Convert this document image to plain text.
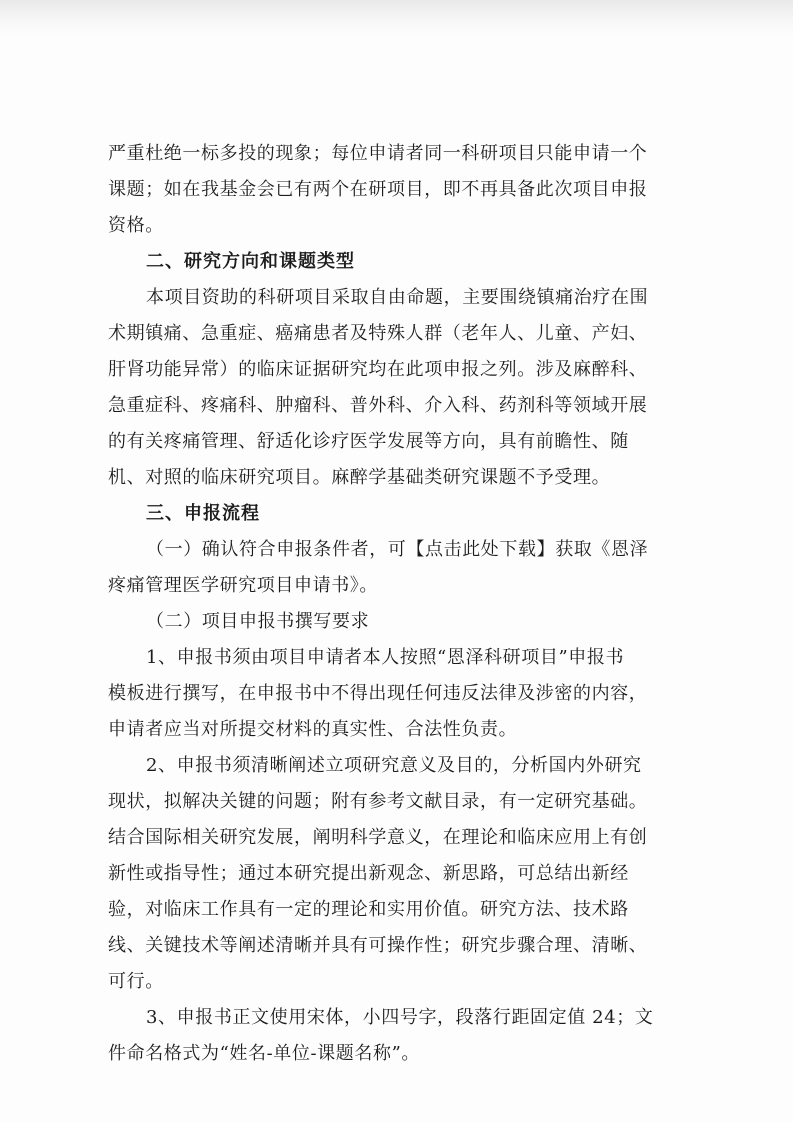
严重杜绝一标多投的现象；每位申请者同一科研项目只能申请一个
课题；如在我基金会已有两个在研项目，即不再具备此次项目申报
资格。
二、研究方向和课题类型
本项目资助的科研项目采取自由命题，主要围绕镇痛治疗在围
术期镇痛、急重症、癌痛患者及特殊人群（老年人、儿童、产妇、
肝肾功能异常）的临床证据研究均在此项申报之列。涉及麻醉科、
急重症科、疼痛科、肿瘤科、普外科、介入科、药剂科等领域开展
的有关疼痛管理、舒适化诊疗医学发展等方向，具有前瞻性、随
机、对照的临床研究项目。麻醉学基础类研究课题不予受理。
三、申报流程
（一）确认符合申报条件者，可【点击此处下载】获取《恩泽
疼痛管理医学研究项目申请书》。
（二）项目申报书撰写要求
1、申报书须由项目申请者本人按照“恩泽科研项目”申报书
模板进行撰写，在申报书中不得出现任何违反法律及涉密的内容，
申请者应当对所提交材料的真实性、合法性负责。
2、申报书须清晰阐述立项研究意义及目的，分析国内外研究
现状，拟解决关键的问题；附有参考文献目录，有一定研究基础。
结合国际相关研究发展，阐明科学意义，在理论和临床应用上有创
新性或指导性；通过本研究提出新观念、新思路，可总结出新经
验，对临床工作具有一定的理论和实用价值。研究方法、技术路
线、关键技术等阐述清晰并具有可操作性；研究步骤合理、清晰、
可行。
3、申报书正文使用宋体，小四号字，段落行距固定值 24；文
件命名格式为“姓名-单位-课题名称”。
